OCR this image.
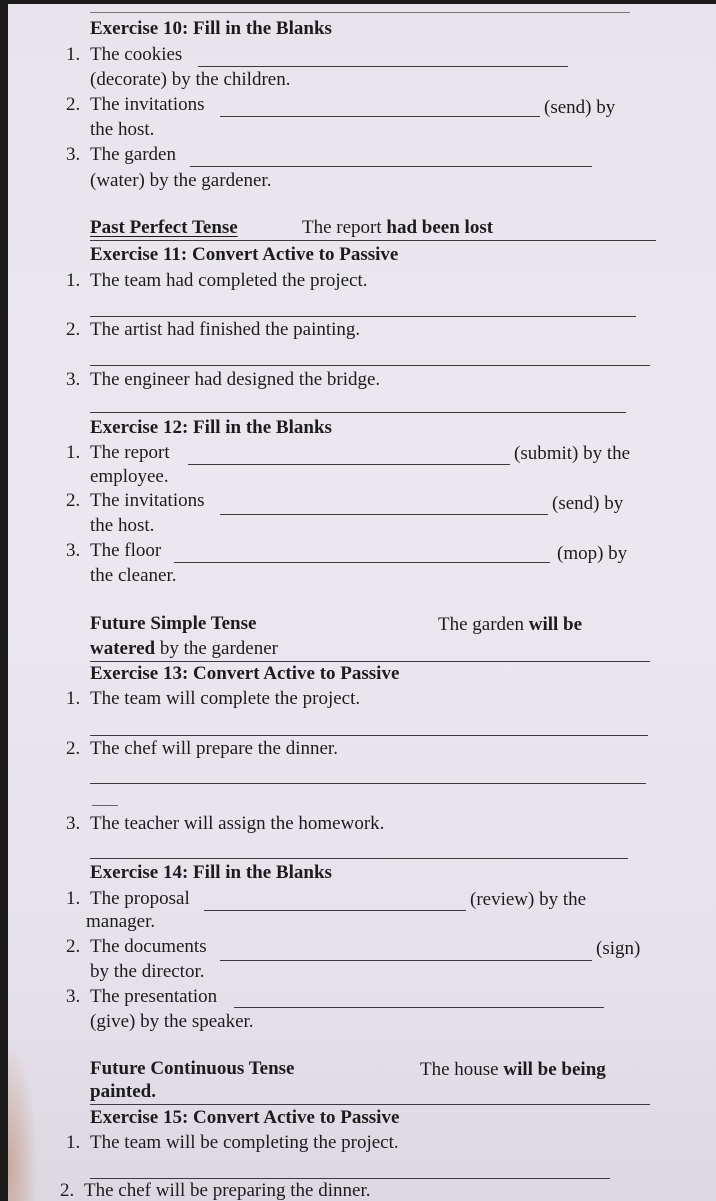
Exercise 10: Fill in the Blanks
1. The cookies
(decorate) by the children.
2. The invitations	(send) by
the host.
3. The garden
(water) by the gardener.
Past Perfect Tense	The report had been lost
Exercise 11: Convert Active to Passive
1. The team had completed the project.
2. The artist had finished the painting.
3. The engineer had designed the bridge.
Exercise 12: Fill in the Blanks
1. The report	(submit) by the
employee.
2. The invitations	(send) by
the host.
3. The floor	(mop) by
the cleaner.
Future Simple Tense	The garden will be
watered by the gardener
Exercise 13: Convert Active to Passive
1. The team will complete the project.
2. The chef will prepare the dinner.
3. The teacher will assign the homework.
Exercise 14: Fill in the Blanks
1. The proposal	(review) by the
manager.
2. The documents	(sign)
by the director.
3. The presentation
(give) by the speaker.
Future Continuous Tense	The house will be being
painted.
Exercise 15: Convert Active to Passive
1. The team will be completing the project.
2. The chef will be preparing the dinner.
